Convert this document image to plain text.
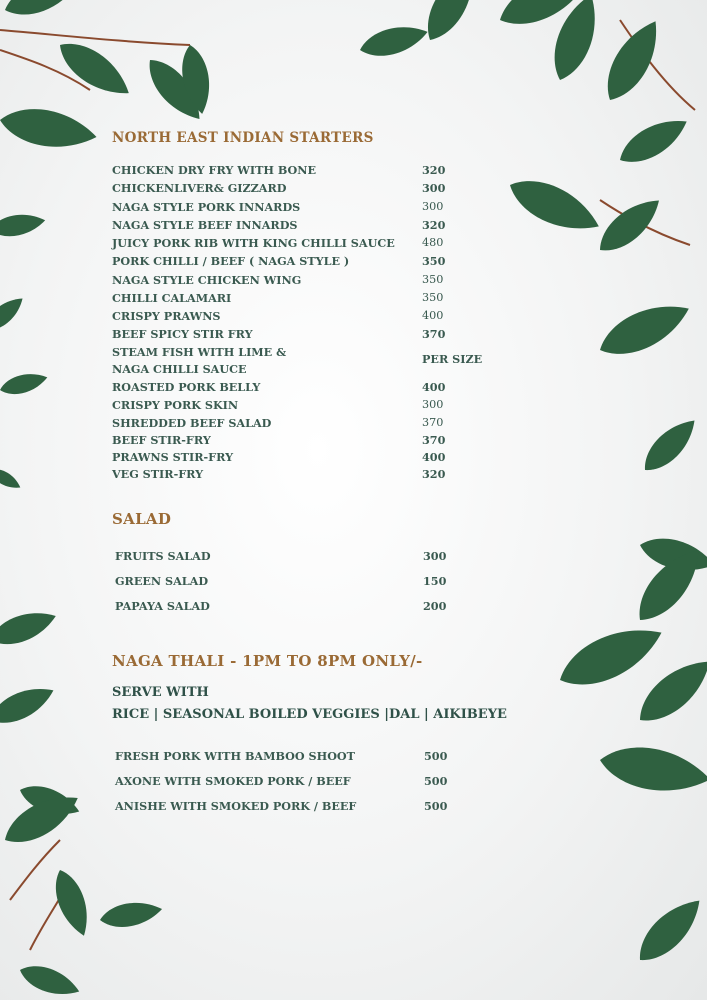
NORTH EAST INDIAN STARTERS
CHICKEN DRY FRY WITH BONE	320
CHICKENLIVER& GIZZARD	300
NAGA STYLE PORK INNARDS	300
NAGA STYLE BEEF INNARDS	320
JUICY PORK RIB WITH KING CHILLI SAUCE 480
PORK CHILLI / BEEF ( NAGA STYLE )	350
NAGA STYLE CHICKEN WING	350
CHILLI CALAMARI	350
CRISPY PRAWNS	400
BEEF SPICY STIR FRY	370
STEAM FISH WITH LIME &
NAGA CHILLI SAUCE
PER SIZE
ROASTED PORK BELLY	400
CRISPY PORK SKIN	300
SHREDDED BEEF SALAD	370
BEEF STIR-FRY	370
PRAWNS STIR-FRY	400
VEG STIR-FRY	320
SALAD
FRUITS SALAD	300
GREEN SALAD	150
PAPAYA SALAD	200
NAGA THALI - 1PM TO 8PM ONLY/-
SERVE WITH
RICE | SEASONAL BOILED VEGGIES |DAL | AIKIBEYE
FRESH PORK WITH BAMBOO SHOOT	500
AXONE WITH SMOKED PORK / BEEF	500
ANISHE WITH SMOKED PORK / BEEF	500
